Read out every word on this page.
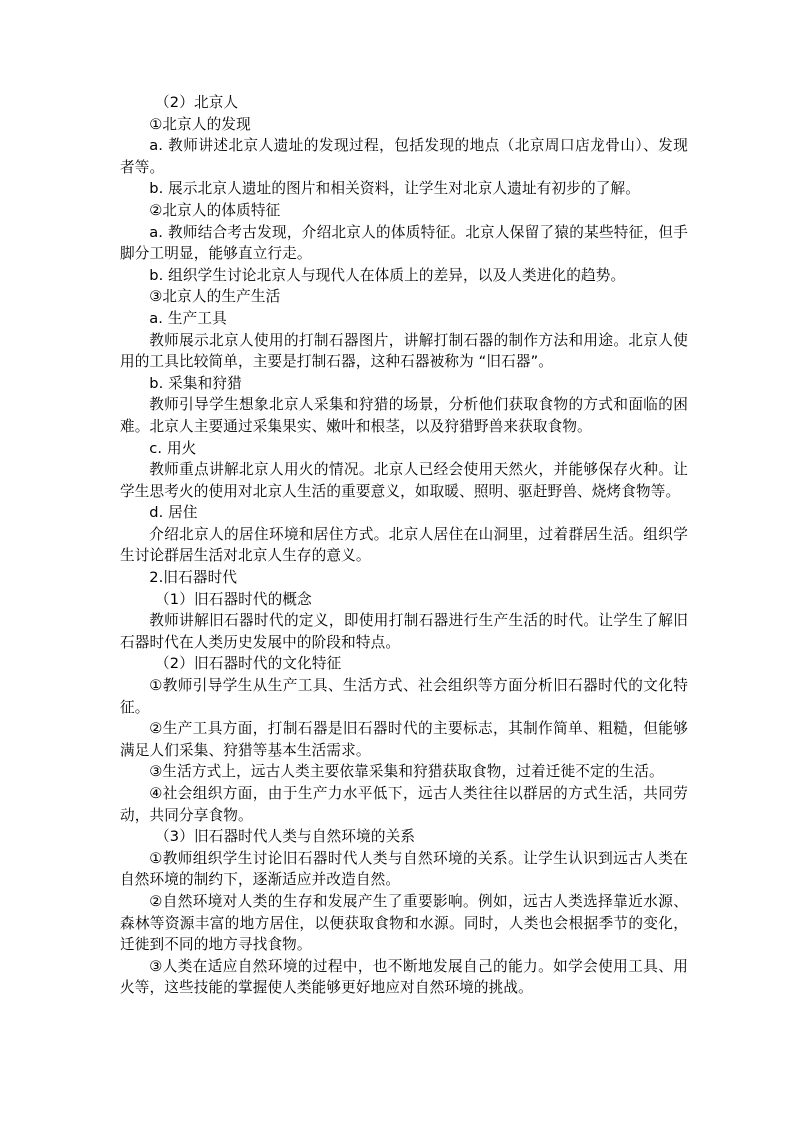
（2）北京人

①北京人的发现

a. 教师讲述北京人遗址的发现过程，包括发现的地点（北京周口店龙骨山）、发现者等。

b. 展示北京人遗址的图片和相关资料，让学生对北京人遗址有初步的了解。

②北京人的体质特征

a. 教师结合考古发现，介绍北京人的体质特征。北京人保留了猿的某些特征，但手脚分工明显，能够直立行走。

b. 组织学生讨论北京人与现代人在体质上的差异，以及人类进化的趋势。

③北京人的生产生活

a. 生产工具

教师展示北京人使用的打制石器图片，讲解打制石器的制作方法和用途。北京人使用的工具比较简单，主要是打制石器，这种石器被称为 “旧石器”。

b. 采集和狩猎

教师引导学生想象北京人采集和狩猎的场景，分析他们获取食物的方式和面临的困难。北京人主要通过采集果实、嫩叶和根茎，以及狩猎野兽来获取食物。

c. 用火

教师重点讲解北京人用火的情况。北京人已经会使用天然火，并能够保存火种。让学生思考火的使用对北京人生活的重要意义，如取暖、照明、驱赶野兽、烧烤食物等。

d. 居住

介绍北京人的居住环境和居住方式。北京人居住在山洞里，过着群居生活。组织学生讨论群居生活对北京人生存的意义。

2.旧石器时代

（1）旧石器时代的概念

教师讲解旧石器时代的定义，即使用打制石器进行生产生活的时代。让学生了解旧石器时代在人类历史发展中的阶段和特点。

（2）旧石器时代的文化特征

①教师引导学生从生产工具、生活方式、社会组织等方面分析旧石器时代的文化特征。

②生产工具方面，打制石器是旧石器时代的主要标志，其制作简单、粗糙，但能够满足人们采集、狩猎等基本生活需求。

③生活方式上，远古人类主要依靠采集和狩猎获取食物，过着迁徙不定的生活。

④社会组织方面，由于生产力水平低下，远古人类往往以群居的方式生活，共同劳动，共同分享食物。

（3）旧石器时代人类与自然环境的关系

①教师组织学生讨论旧石器时代人类与自然环境的关系。让学生认识到远古人类在自然环境的制约下，逐渐适应并改造自然。

②自然环境对人类的生存和发展产生了重要影响。例如，远古人类选择靠近水源、森林等资源丰富的地方居住，以便获取食物和水源。同时，人类也会根据季节的变化，迁徙到不同的地方寻找食物。

③人类在适应自然环境的过程中，也不断地发展自己的能力。如学会使用工具、用火等，这些技能的掌握使人类能够更好地应对自然环境的挑战。
